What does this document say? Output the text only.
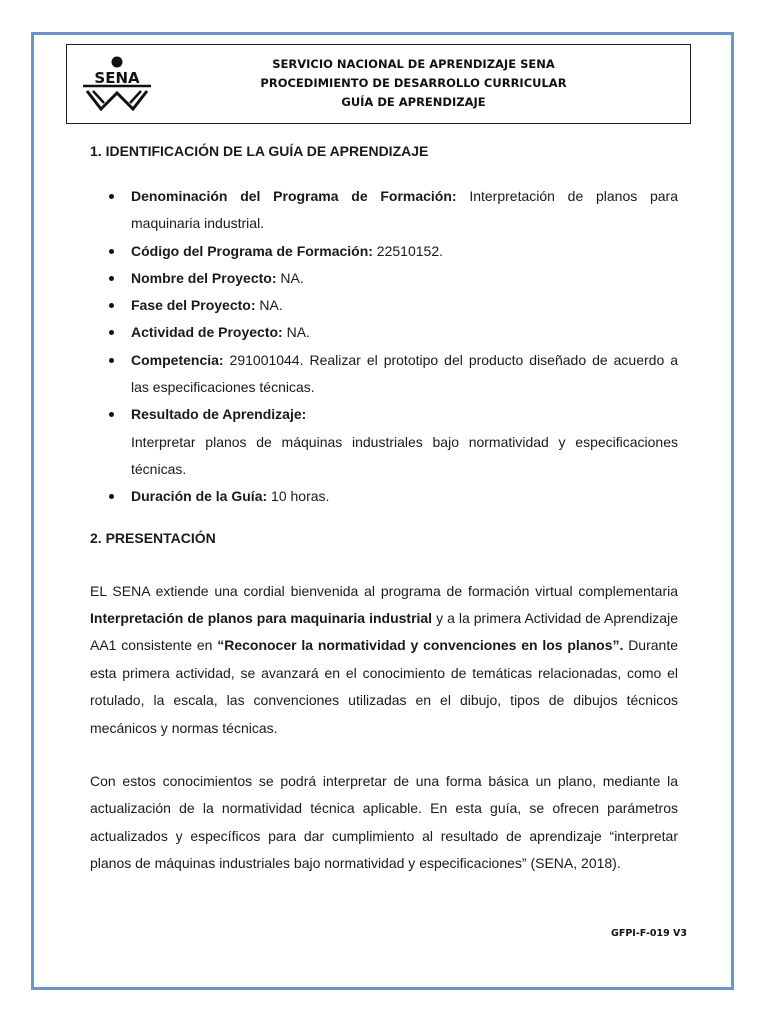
SENA
SERVICIO NACIONAL DE APRENDIZAJE SENA
PROCEDIMIENTO DE DESARROLLO CURRICULAR
GUÍA DE APRENDIZAJE
1. IDENTIFICACIÓN DE LA GUÍA DE APRENDIZAJE
Denominación del Programa de Formación: Interpretación de planos para maquinaria industrial.
Código del Programa de Formación: 22510152.
Nombre del Proyecto: NA.
Fase del Proyecto: NA.
Actividad de Proyecto: NA.
Competencia: 291001044. Realizar el prototipo del producto diseñado de acuerdo a las especificaciones técnicas.
Resultado de Aprendizaje:
Interpretar planos de máquinas industriales bajo normatividad y especificaciones técnicas.
Duración de la Guía: 10 horas.
2. PRESENTACIÓN

EL SENA extiende una cordial bienvenida al programa de formación virtual complementaria Interpretación de planos para maquinaria industrial y a la primera Actividad de Aprendizaje AA1 consistente en “Reconocer la normatividad y convenciones en los planos”. Durante esta primera actividad, se avanzará en el conocimiento de temáticas relacionadas, como el rotulado, la escala, las convenciones utilizadas en el dibujo, tipos de dibujos técnicos mecánicos y normas técnicas.

Con estos conocimientos se podrá interpretar de una forma básica un plano, mediante la actualización de la normatividad técnica aplicable. En esta guía, se ofrecen parámetros actualizados y específicos para dar cumplimiento al resultado de aprendizaje “interpretar planos de máquinas industriales bajo normatividad y especificaciones” (SENA, 2018).

GFPI-F-019 V3
